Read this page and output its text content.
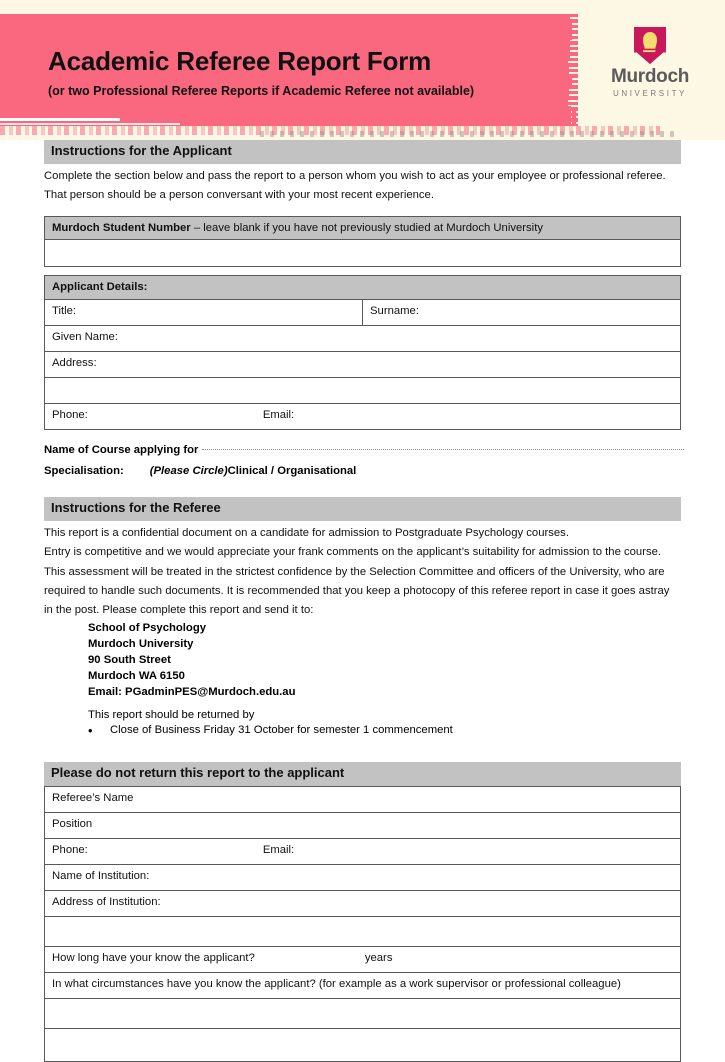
Academic Referee Report Form
(or two Professional Referee Reports if Academic Referee not available)
Murdoch
UNIVERSITY
Instructions for the Applicant
Complete the section below and pass the report to a person whom you wish to act as your employee or professional referee.
That person should be a person conversant with your most recent experience.
Murdoch Student Number – leave blank if you have not previously studied at Murdoch University

Applicant Details:
Title:	Surname:
Given Name:
Address:

Phone:	Email:
Name of Course applying for
Specialisation: (Please Circle)Clinical / Organisational
Instructions for the Referee
This report is a confidential document on a candidate for admission to Postgraduate Psychology courses.
Entry is competitive and we would appreciate your frank comments on the applicant’s suitability for admission to the course.
This assessment will be treated in the strictest confidence by the Selection Committee and officers of the University, who are
required to handle such documents. It is recommended that you keep a photocopy of this referee report in case it goes astray
in the post. Please complete this report and send it to:
School of Psychology
Murdoch University
90 South Street
Murdoch WA 6150
Email: PGadminPES@Murdoch.edu.au
This report should be returned by
• Close of Business Friday 31 October for semester 1 commencement
Please do not return this report to the applicant
Referee’s Name
Position
Phone:	Email:
Name of Institution:
Address of Institution:

How long have your know the applicant?	years
In what circumstances have you know the applicant? (for example as a work supervisor or professional colleague)
